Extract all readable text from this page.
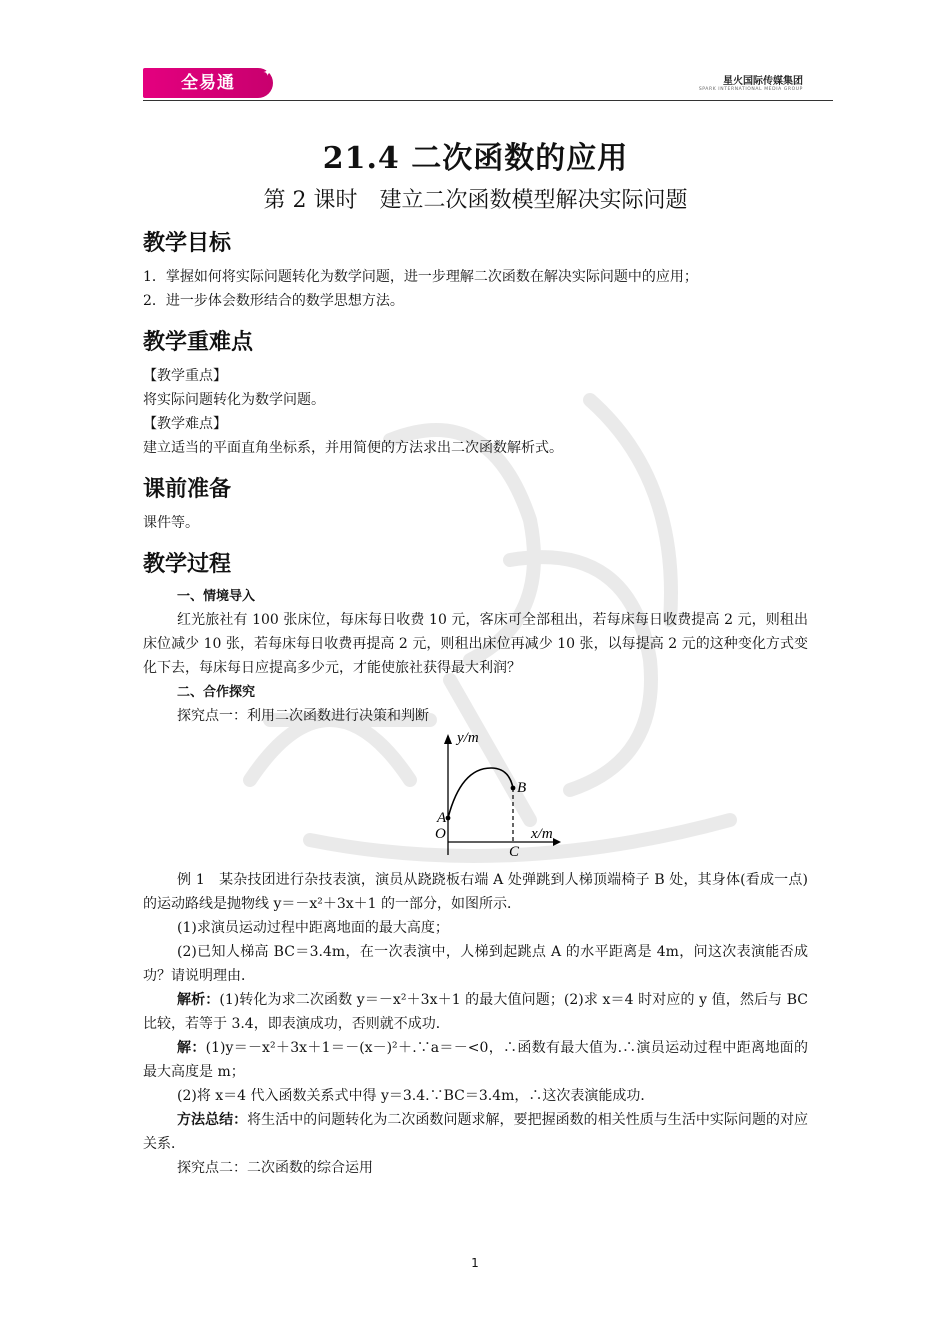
全易通
✦
星火国际传媒集团
SPARK INTERNATIONAL MEDIA GROUP
21.4 二次函数的应用
第 2 课时　建立二次函数模型解决实际问题
教学目标

1．掌握如何将实际问题转化为数学问题，进一步理解二次函数在解决实际问题中的应用；

2．进一步体会数形结合的数学思想方法。

教学重难点

【教学重点】

将实际问题转化为数学问题。

【教学难点】

建立适当的平面直角坐标系，并用简便的方法求出二次函数解析式。

课前准备

课件等。

教学过程
一、情境导入

红光旅社有 100 张床位，每床每日收费 10 元，客床可全部租出，若每床每日收费提高 2 元，则租出床位减少 10 张，若每床每日收费再提高 2 元，则租出床位再减少 10 张，以每提高 2 元的这种变化方式变化下去，每床每日应提高多少元，才能使旅社获得最大利润？

二、合作探究

探究点一：利用二次函数进行决策和判断

y/m
x/m
O
A
B
C

例 1　某杂技团进行杂技表演，演员从跷跷板右端 A 处弹跳到人梯顶端椅子 B 处，其身体(看成一点)的运动路线是抛物线 y＝－x²＋3x＋1 的一部分，如图所示．

(1)求演员运动过程中距离地面的最大高度；

(2)已知人梯高 BC＝3.4m，在一次表演中，人梯到起跳点 A 的水平距离是 4m，问这次表演能否成功？请说明理由．

解析：(1)转化为求二次函数 y＝－x²＋3x＋1 的最大值问题；(2)求 x＝4 时对应的 y 值，然后与 BC 比较，若等于 3.4，即表演成功，否则就不成功．

解：(1)y＝－x²＋3x＋1＝－(x－)²＋.∵a＝－<0，∴函数有最大值为.∴演员运动过程中距离地面的最大高度是 m；

(2)将 x＝4 代入函数关系式中得 y＝3.4.∵BC＝3.4m，∴这次表演能成功．

方法总结：将生活中的问题转化为二次函数问题求解，要把握函数的相关性质与生活中实际问题的对应关系．

探究点二：二次函数的综合运用

1
